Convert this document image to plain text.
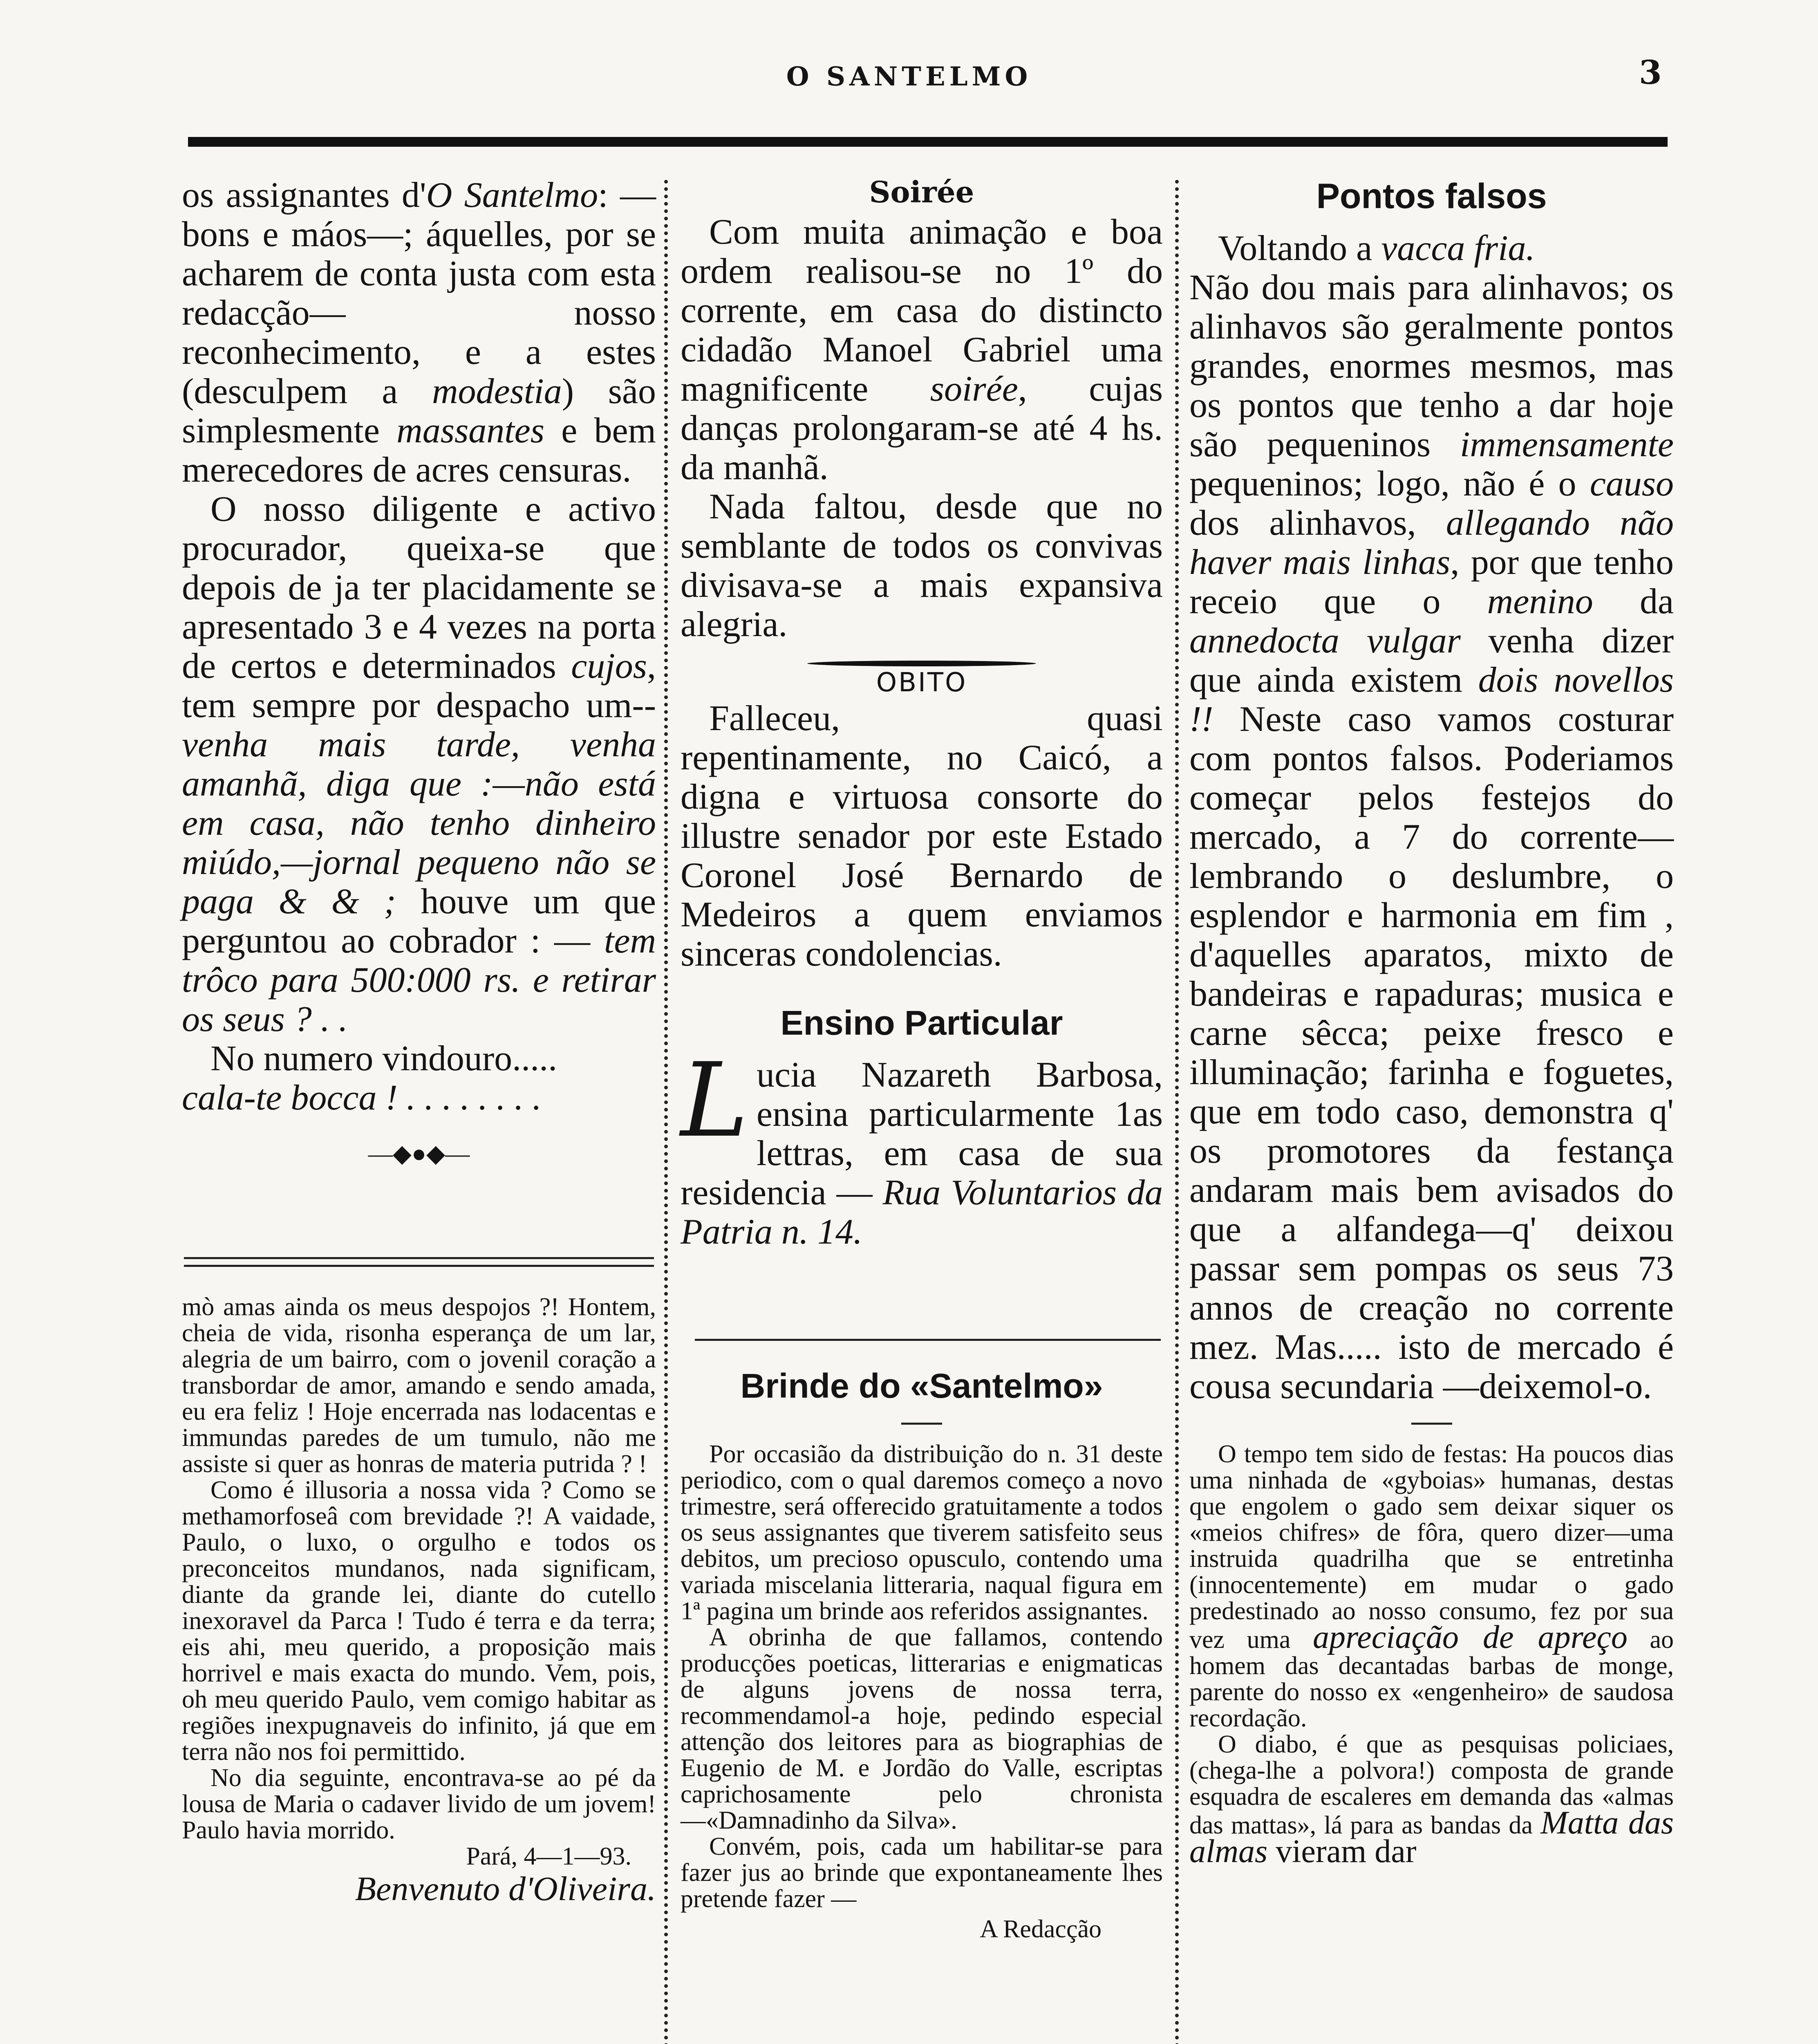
O SANTELMO	3

os assignantes d'O Santelmo: — bons e máos—; áquelles, por se acharem de conta justa com esta redacção— nosso reconhecimento, e a estes (desculpem a modestia) são simplesmente massantes e bem merecedores de acres censuras.

O nosso diligente e activo procurador, queixa-se que depois de ja ter placidamente se apresentado 3 e 4 vezes na porta de certos e determinados cujos, tem sempre por despacho um--venha mais tarde, venha amanhã, diga que :—não está em casa, não tenho dinheiro miúdo,—jornal pequeno não se paga & & ; houve um que perguntou ao cobrador : — tem trôco para 500:000 rs. e retirar os seus ? . .

No numero vindouro.....
cala-te bocca ! . . . . . . . .

—◆●◆—

mò amas ainda os meus despojos ?! Hontem, cheia de vida, risonha esperança de um lar, alegria de um bairro, com o jovenil coração a transbordar de amor, amando e sendo amada, eu era feliz ! Hoje encerrada nas lodacentas e immundas paredes de um tumulo, não me assiste si quer as honras de materia putrida ? !

Como é illusoria a nossa vida ? Como se methamorfoseâ com brevidade ?! A vaidade, Paulo, o luxo, o orgulho e todos os preconceitos mundanos, nada significam, diante da grande lei, diante do cutello inexoravel da Parca ! Tudo é terra e da terra; eis ahi, meu querido, a proposição mais horrivel e mais exacta do mundo. Vem, pois, oh meu querido Paulo, vem comigo habitar as regiões inexpugnaveis do infinito, já que em terra não nos foi permittido.

No dia seguinte, encontrava-se ao pé da lousa de Maria o cadaver livido de um jovem! Paulo havia morrido.

Pará, 4—1—93.
Benvenuto d'Oliveira.
Soirée

Com muita animação e boa ordem realisou-se no 1º do corrente, em casa do distincto cidadão Manoel Gabriel uma magnificente soirée, cujas danças prolongaram-se até 4 hs. da manhã.

Nada faltou, desde que no semblante de todos os convivas divisava-se a mais expansiva alegria.

OBITO

Falleceu, quasi repentinamente, no Caicó, a digna e virtuosa consorte do illustre senador por este Estado Coronel José Bernardo de Medeiros a quem enviamos sinceras condolencias.

Ensino Particular

Lucia Nazareth Barbosa, ensina particularmente 1as lettras, em casa de sua residencia — Rua Voluntarios da Patria n. 14.

Brinde do «Santelmo»

Por occasião da distribuição do n. 31 deste periodico, com o qual daremos começo a novo trimestre, será offerecido gratuitamente a todos os seus assignantes que tiverem satisfeito seus debitos, um precioso opusculo, contendo uma variada miscelania litteraria, naqual figura em 1ª pagina um brinde aos referidos assignantes.

A obrinha de que fallamos, contendo producções poeticas, litterarias e enigmaticas de alguns jovens de nossa terra, recommendamol-a hoje, pedindo especial attenção dos leitores para as biographias de Eugenio de M. e Jordão do Valle, escriptas caprichosamente pelo chronista—«Damnadinho da Silva».

Convém, pois, cada um habilitar-se para fazer jus ao brinde que expontaneamente lhes pretende fazer —

A Redacção
Pontos falsos

Voltando a vacca fria.

Não dou mais para alinhavos; os alinhavos são geralmente pontos grandes, enormes mesmos, mas os pontos que tenho a dar hoje são pequeninos immensamente pequeninos; logo, não é o causo dos alinhavos, allegando não haver mais linhas, por que tenho receio que o menino da annedocta vulgar venha dizer que ainda existem dois novellos !! Neste caso vamos costurar com pontos falsos. Poderiamos começar pelos festejos do mercado, a 7 do corrente—lembrando o deslumbre, o esplendor e harmonia em fim , d'aquelles aparatos, mixto de bandeiras e rapaduras; musica e carne sêcca; peixe fresco e illuminação; farinha e foguetes, que em todo caso, demonstra q' os promotores da festança andaram mais bem avisados do que a alfandega—q' deixou passar sem pompas os seus 73 annos de creação no corrente mez. Mas..... isto de mercado é cousa secundaria —deixemol-o.

O tempo tem sido de festas: Ha poucos dias uma ninhada de «gyboias» humanas, destas que engolem o gado sem deixar siquer os «meios chifres» de fôra, quero dizer—uma instruida quadrilha que se entretinha (innocentemente) em mudar o gado predestinado ao nosso consumo, fez por sua vez uma apreciação de apreço ao homem das decantadas barbas de monge, parente do nosso ex «engenheiro» de saudosa recordação.

O diabo, é que as pesquisas policiaes,(chega-lhe a polvora!) composta de grande esquadra de escaleres em demanda das «almas das mattas», lá para as bandas da Matta das almas vieram dar
